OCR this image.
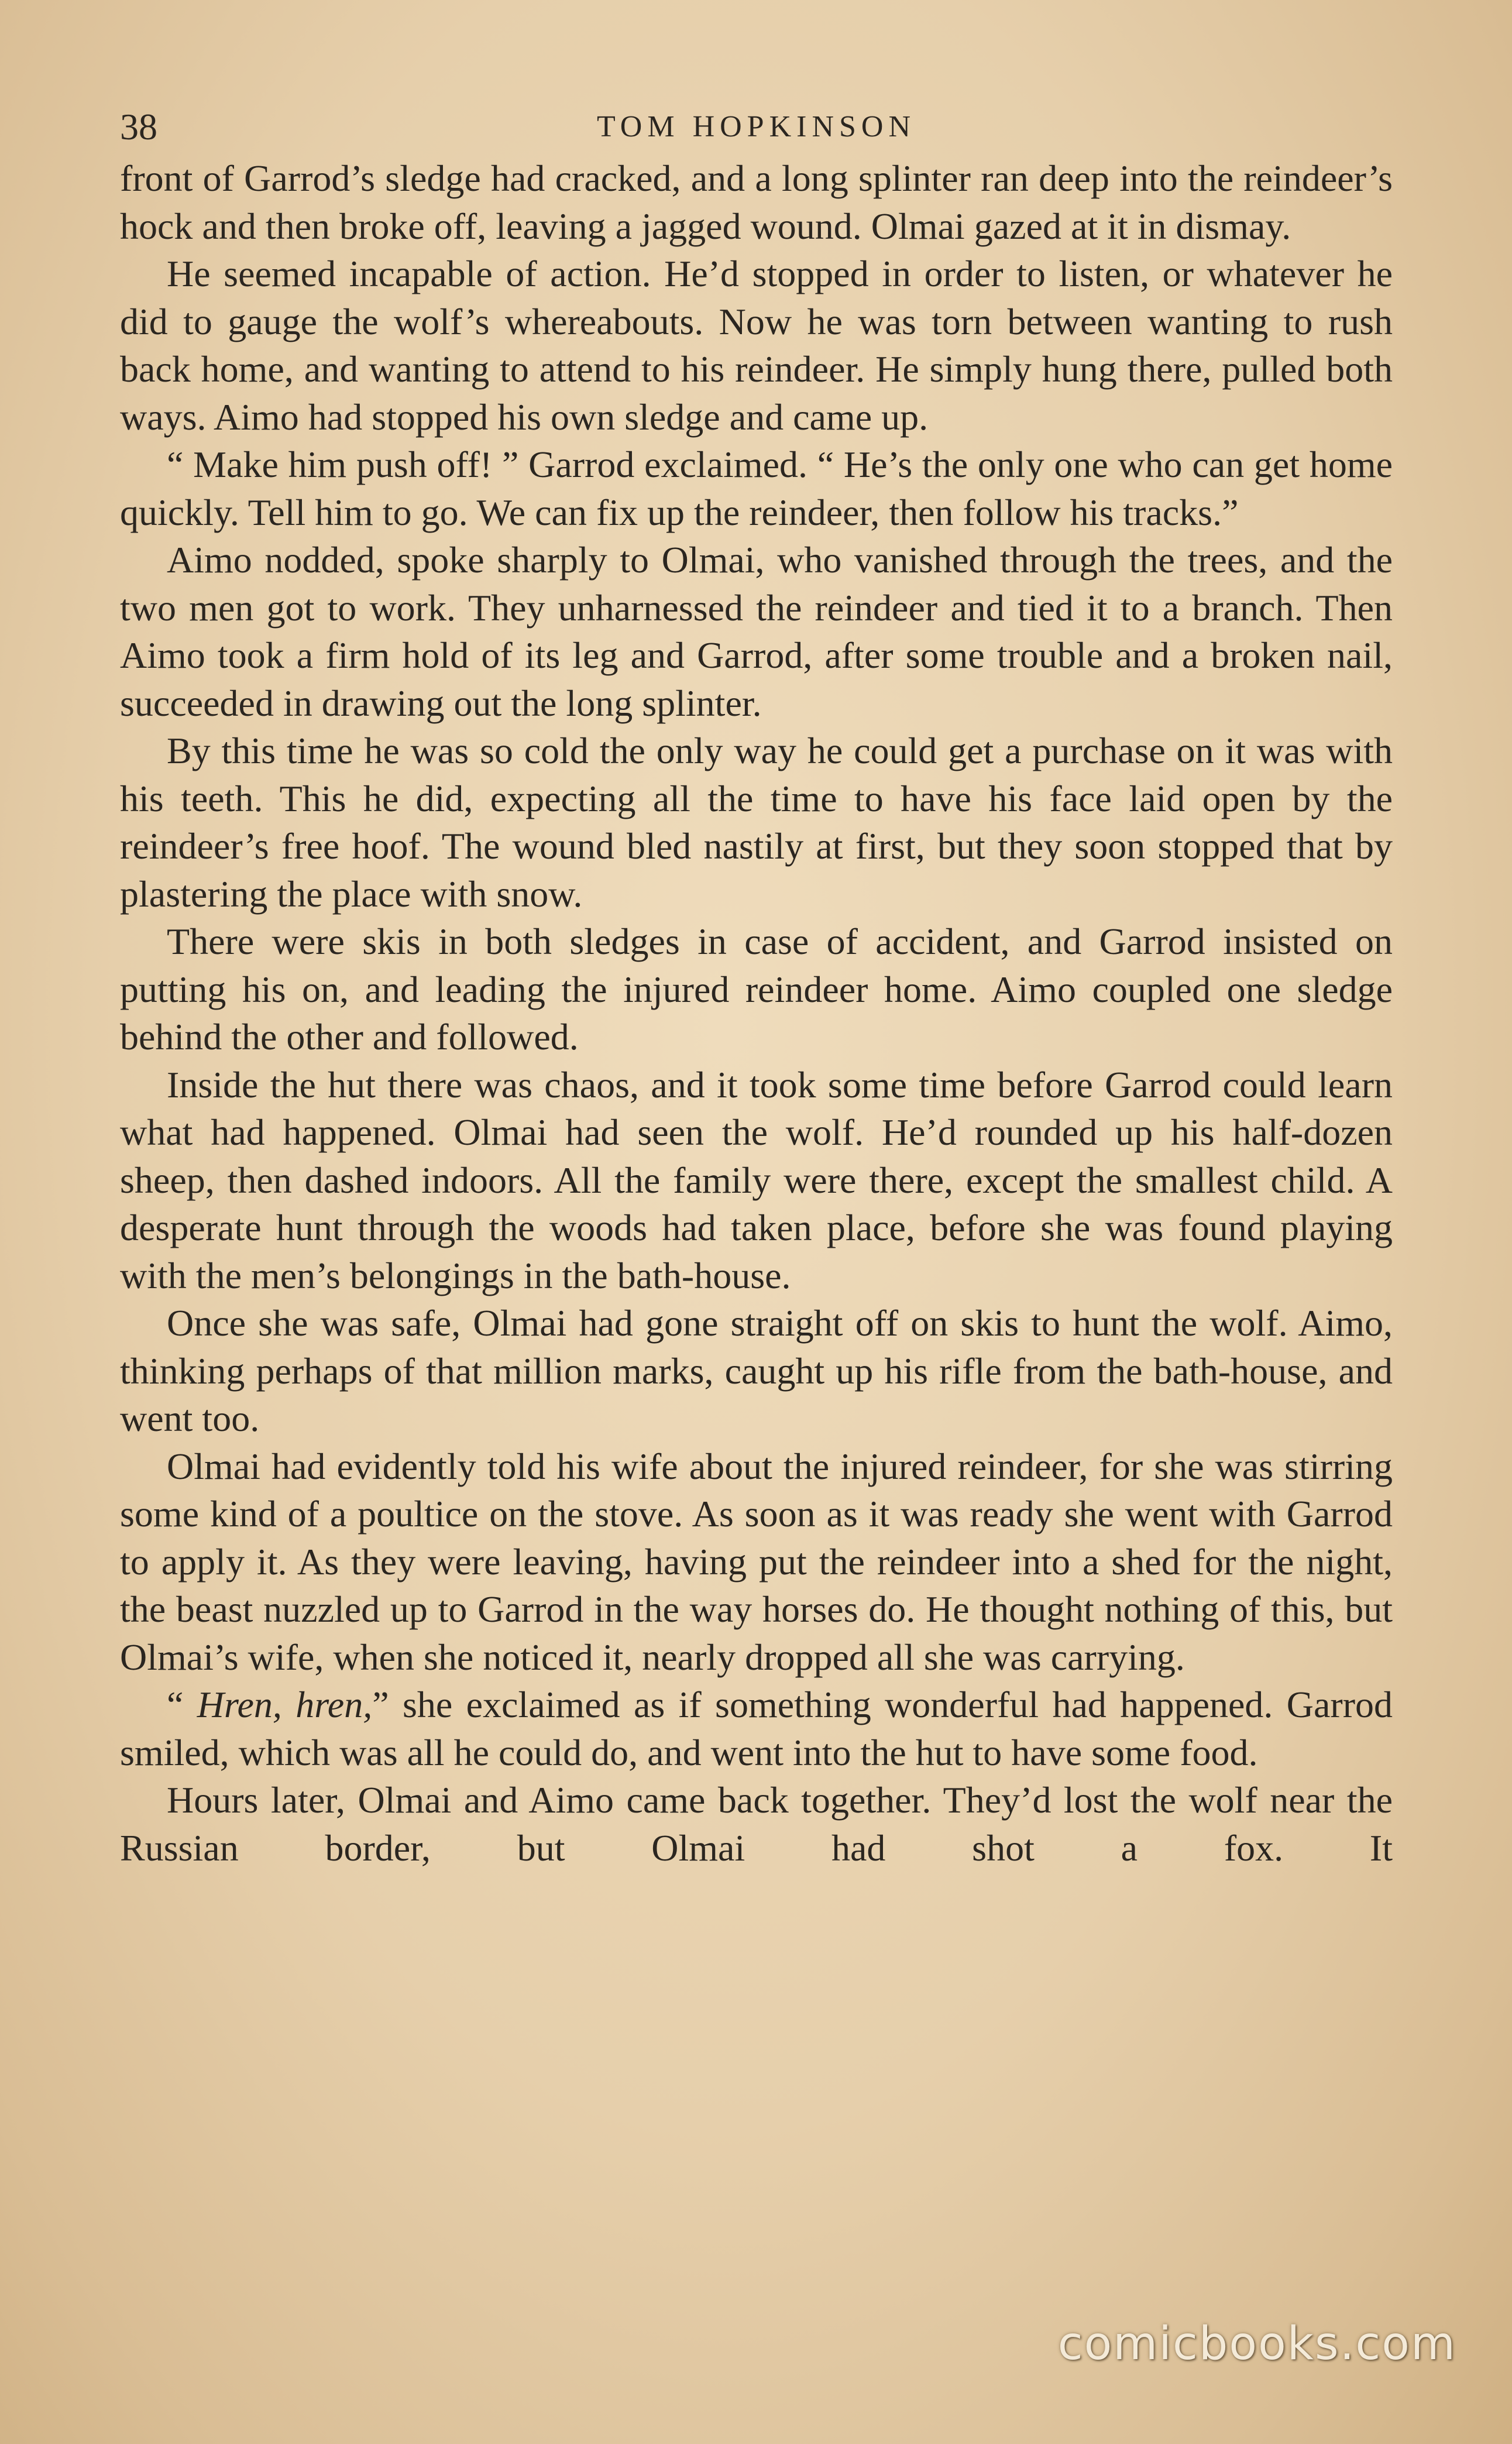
38	TOM HOPKINSON

front of Garrod’s sledge had cracked, and a long splinter ran deep into the reindeer’s hock and then broke off, leaving a jagged wound. Olmai gazed at it in dismay.

He seemed incapable of action. He’d stopped in order to listen, or whatever he did to gauge the wolf’s whereabouts. Now he was torn between wanting to rush back home, and wanting to attend to his reindeer. He simply hung there, pulled both ways. Aimo had stopped his own sledge and came up.

“ Make him push off! ” Garrod exclaimed. “ He’s the only one who can get home quickly. Tell him to go. We can fix up the reindeer, then follow his tracks.”

Aimo nodded, spoke sharply to Olmai, who vanished through the trees, and the two men got to work. They unharnessed the reindeer and tied it to a branch. Then Aimo took a firm hold of its leg and Garrod, after some trouble and a broken nail, succeeded in drawing out the long splinter.

By this time he was so cold the only way he could get a purchase on it was with his teeth. This he did, expecting all the time to have his face laid open by the reindeer’s free hoof. The wound bled nastily at first, but they soon stopped that by plastering the place with snow.

There were skis in both sledges in case of accident, and Garrod insisted on putting his on, and leading the injured reindeer home. Aimo coupled one sledge behind the other and followed.

Inside the hut there was chaos, and it took some time before Garrod could learn what had happened. Olmai had seen the wolf. He’d rounded up his half-dozen sheep, then dashed indoors. All the family were there, except the smallest child. A desperate hunt through the woods had taken place, before she was found playing with the men’s belongings in the bath-house.

Once she was safe, Olmai had gone straight off on skis to hunt the wolf. Aimo, thinking perhaps of that million marks, caught up his rifle from the bath-house, and went too.

Olmai had evidently told his wife about the injured reindeer, for she was stirring some kind of a poultice on the stove. As soon as it was ready she went with Garrod to apply it. As they were leaving, having put the reindeer into a shed for the night, the beast nuzzled up to Garrod in the way horses do. He thought nothing of this, but Olmai’s wife, when she noticed it, nearly dropped all she was carrying.

“ Hren, hren,” she exclaimed as if something wonderful had happened. Garrod smiled, which was all he could do, and went into the hut to have some food.

Hours later, Olmai and Aimo came back together. They’d lost the wolf near the Russian border, but Olmai had shot a fox. It

comicbooks.com
